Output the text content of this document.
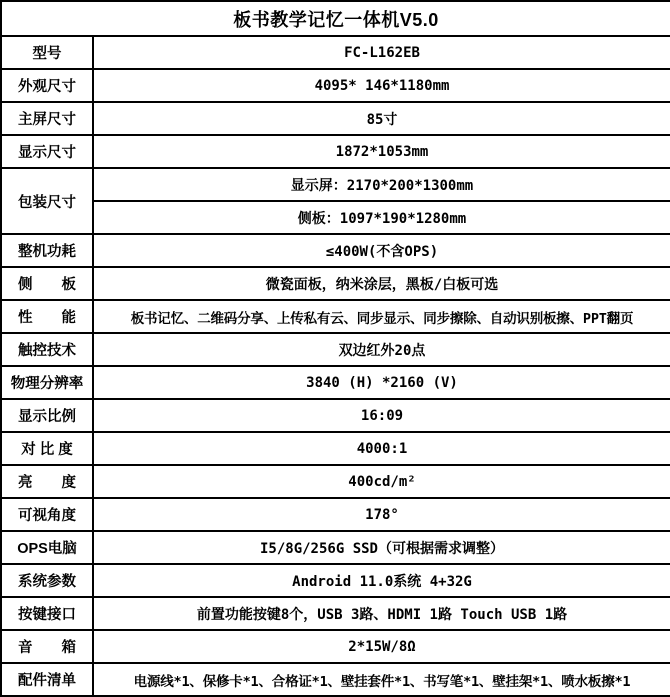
板书教学记忆一体机V5.0	
型号	FC-L162EB
外观尺寸	4095* 146*1180mm
主屏尺寸	85寸
显示尺寸	1872*1053mm
包装尺寸	显示屏：2170*200*1300mm
	侧板：1097*190*1280mm
整机功耗	≤400W(不含OPS)
侧　　板	微瓷面板，纳米涂层，黑板/白板可选
性　　能	板书记忆、二维码分享、上传私有云、同步显示、同步擦除、自动识别板擦、PPT翻页
触控技术	双边红外20点
物理分辨率	3840 (H) *2160 (V)
显示比例	16:09
对 比 度	4000:1
亮　　度	400cd/m²
可视角度	178°
OPS电脑	I5/8G/256G SSD（可根据需求调整）
系统参数	Android 11.0系统 4+32G
按键接口	前置功能按键8个，USB 3路、HDMI 1路 Touch USB 1路
音　　箱	2*15W/8Ω
配件清单	电源线*1、保修卡*1、合格证*1、壁挂套件*1、书写笔*1、壁挂架*1、喷水板擦*1
